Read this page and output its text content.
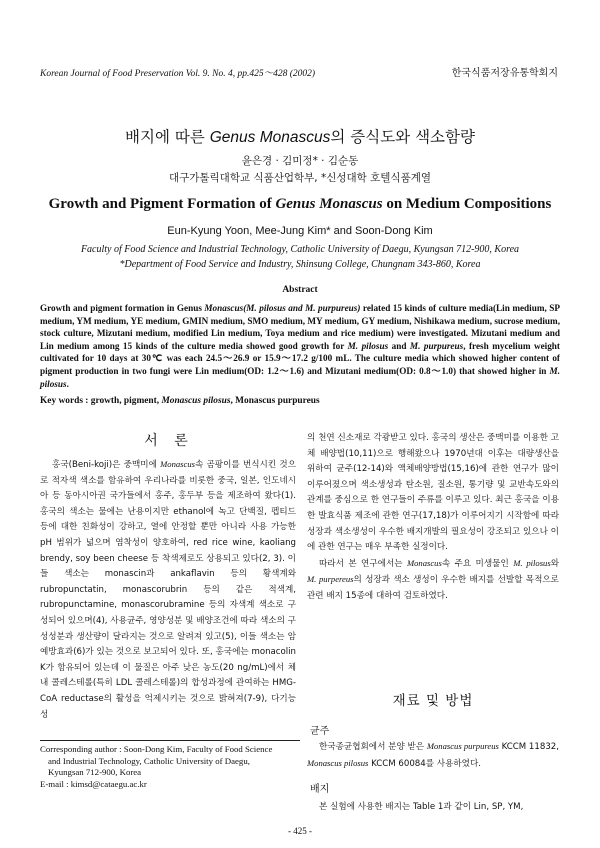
Korean Journal of Food Preservation Vol. 9. No. 4, pp.425～428 (2002)	한국식품저장유통학회지
배지에 따른 Genus Monascus의 증식도와 색소함량
윤은경 · 김미정* · 김순동
대구가톨릭대학교 식품산업학부, *신성대학 호텔식품계열
Growth and Pigment Formation of Genus Monascus on Medium Compositions
Eun-Kyung Yoon, Mee-Jung Kim* and Soon-Dong Kim
Faculty of Food Science and Industrial Technology, Catholic University of Daegu, Kyungsan 712-900, Korea
*Department of Food Service and Industry, Shinsung College, Chungnam 343-860, Korea
Abstract
Growth and pigment formation in Genus Monascus(M. pilosus and M. purpureus) related 15 kinds of culture media(Lin medium, SP medium, YM medium, YE medium, GMIN medium, SMO medium, MY medium, GY medium, Nishikawa medium, sucrose medium, stock culture, Mizutani medium, modified Lin medium, Toya medium and rice medium) were investigated. Mizutani medium and Lin medium among 15 kinds of the culture media showed good growth for M. pilosus and M. purpureus, fresh mycelium weight cultivated for 10 days at 30℃ was each 24.5～26.9 or 15.9～17.2 g/100 mL. The culture media which showed higher content of pigment production in two fungi were Lin medium(OD: 1.2～1.6) and Mizutani medium(OD: 0.8～1.0) that showed higher in M. pilosus.
Key words : growth, pigment, Monascus pilosus, Monascus purpureus
서 론

홍국(Beni-koji)은 중맥미에 Monascus속 곰팡이를 번식시킨 것으로 적자색 색소를 함유하여 우리나라를 비롯한 중국, 일본, 인도네시아 등 동아시아권 국가들에서 홍주, 홍두부 등을 제조하여 왔다(1). 홍국의 색소는 물에는 난용이지만 ethanol에 녹고 단백질, 펩티드 등에 대한 친화성이 강하고, 열에 안정할 뿐만 아니라 사용 가능한 pH 범위가 넓으며 염착성이 양호하여, red rice wine, kaoliang brendy, soy been cheese 등 착색제로도 상용되고 있다(2, 3). 이들 색소는 monascin과 ankaflavin 등의 황색계와 rubropunctatin, monascorubrin 등의 같은 적색계, rubropunctamine, monascorubramine 등의 자색계 색소로 구성되어 있으며(4), 사용균주, 영양성분 및 배양조건에 따라 색소의 구성성분과 생산량이 달라지는 것으로 알려져 있고(5), 이들 색소는 암 예방효과(6)가 있는 것으로 보고되어 있다. 또, 홍국에는 monacolin K가 함유되어 있는데 이 물질은 아주 낮은 농도(20 ng/mL)에서 체내 콜레스테롤(특히 LDL 콜레스테롤)의 합성과정에 관여하는 HMG-CoA reductase의 활성을 억제시키는 것으로 밝혀져(7-9), 다기능성

의 천연 신소재로 각광받고 있다. 홍국의 생산은 중맥미를 이용한 고체 배양법(10,11)으로 행해왔으나 1970년대 이후는 대량생산을 위하여 균주(12-14)와 액체배양방법(15,16)에 관한 연구가 많이 이루어졌으며 색소생성과 탄소원, 질소원, 통기량 및 교반속도와의 관계를 중심으로 한 연구들이 주류를 이루고 있다. 최근 홍국을 이용한 발효식품 제조에 관한 연구(17,18)가 이루어지기 시작함에 따라 성장과 색소생성이 우수한 배지개발의 필요성이 강조되고 있으나 이에 관한 연구는 매우 부족한 실정이다.

따라서 본 연구에서는 Monascus속 주요 미생물인 M. pilosus와 M. purpereus의 성장과 색소 생성이 우수한 배지를 선발할 목적으로 관련 배지 15종에 대하여 검토하였다.

재료 및 방법
균주

한국종균협회에서 분양 받은 Monascus purpureus KCCM 11832, Monascus pilosus KCCM 60084를 사용하였다.

배지
본 실험에 사용한 배지는 Table 1과 같이 Lin, SP, YM,
Corresponding author : Soon-Dong Kim, Faculty of Food Science
and Industrial Technology, Catholic University of Daegu,
Kyungsan 712-900, Korea
E-mail : kimsd@cataegu.ac.kr
- 425 -
